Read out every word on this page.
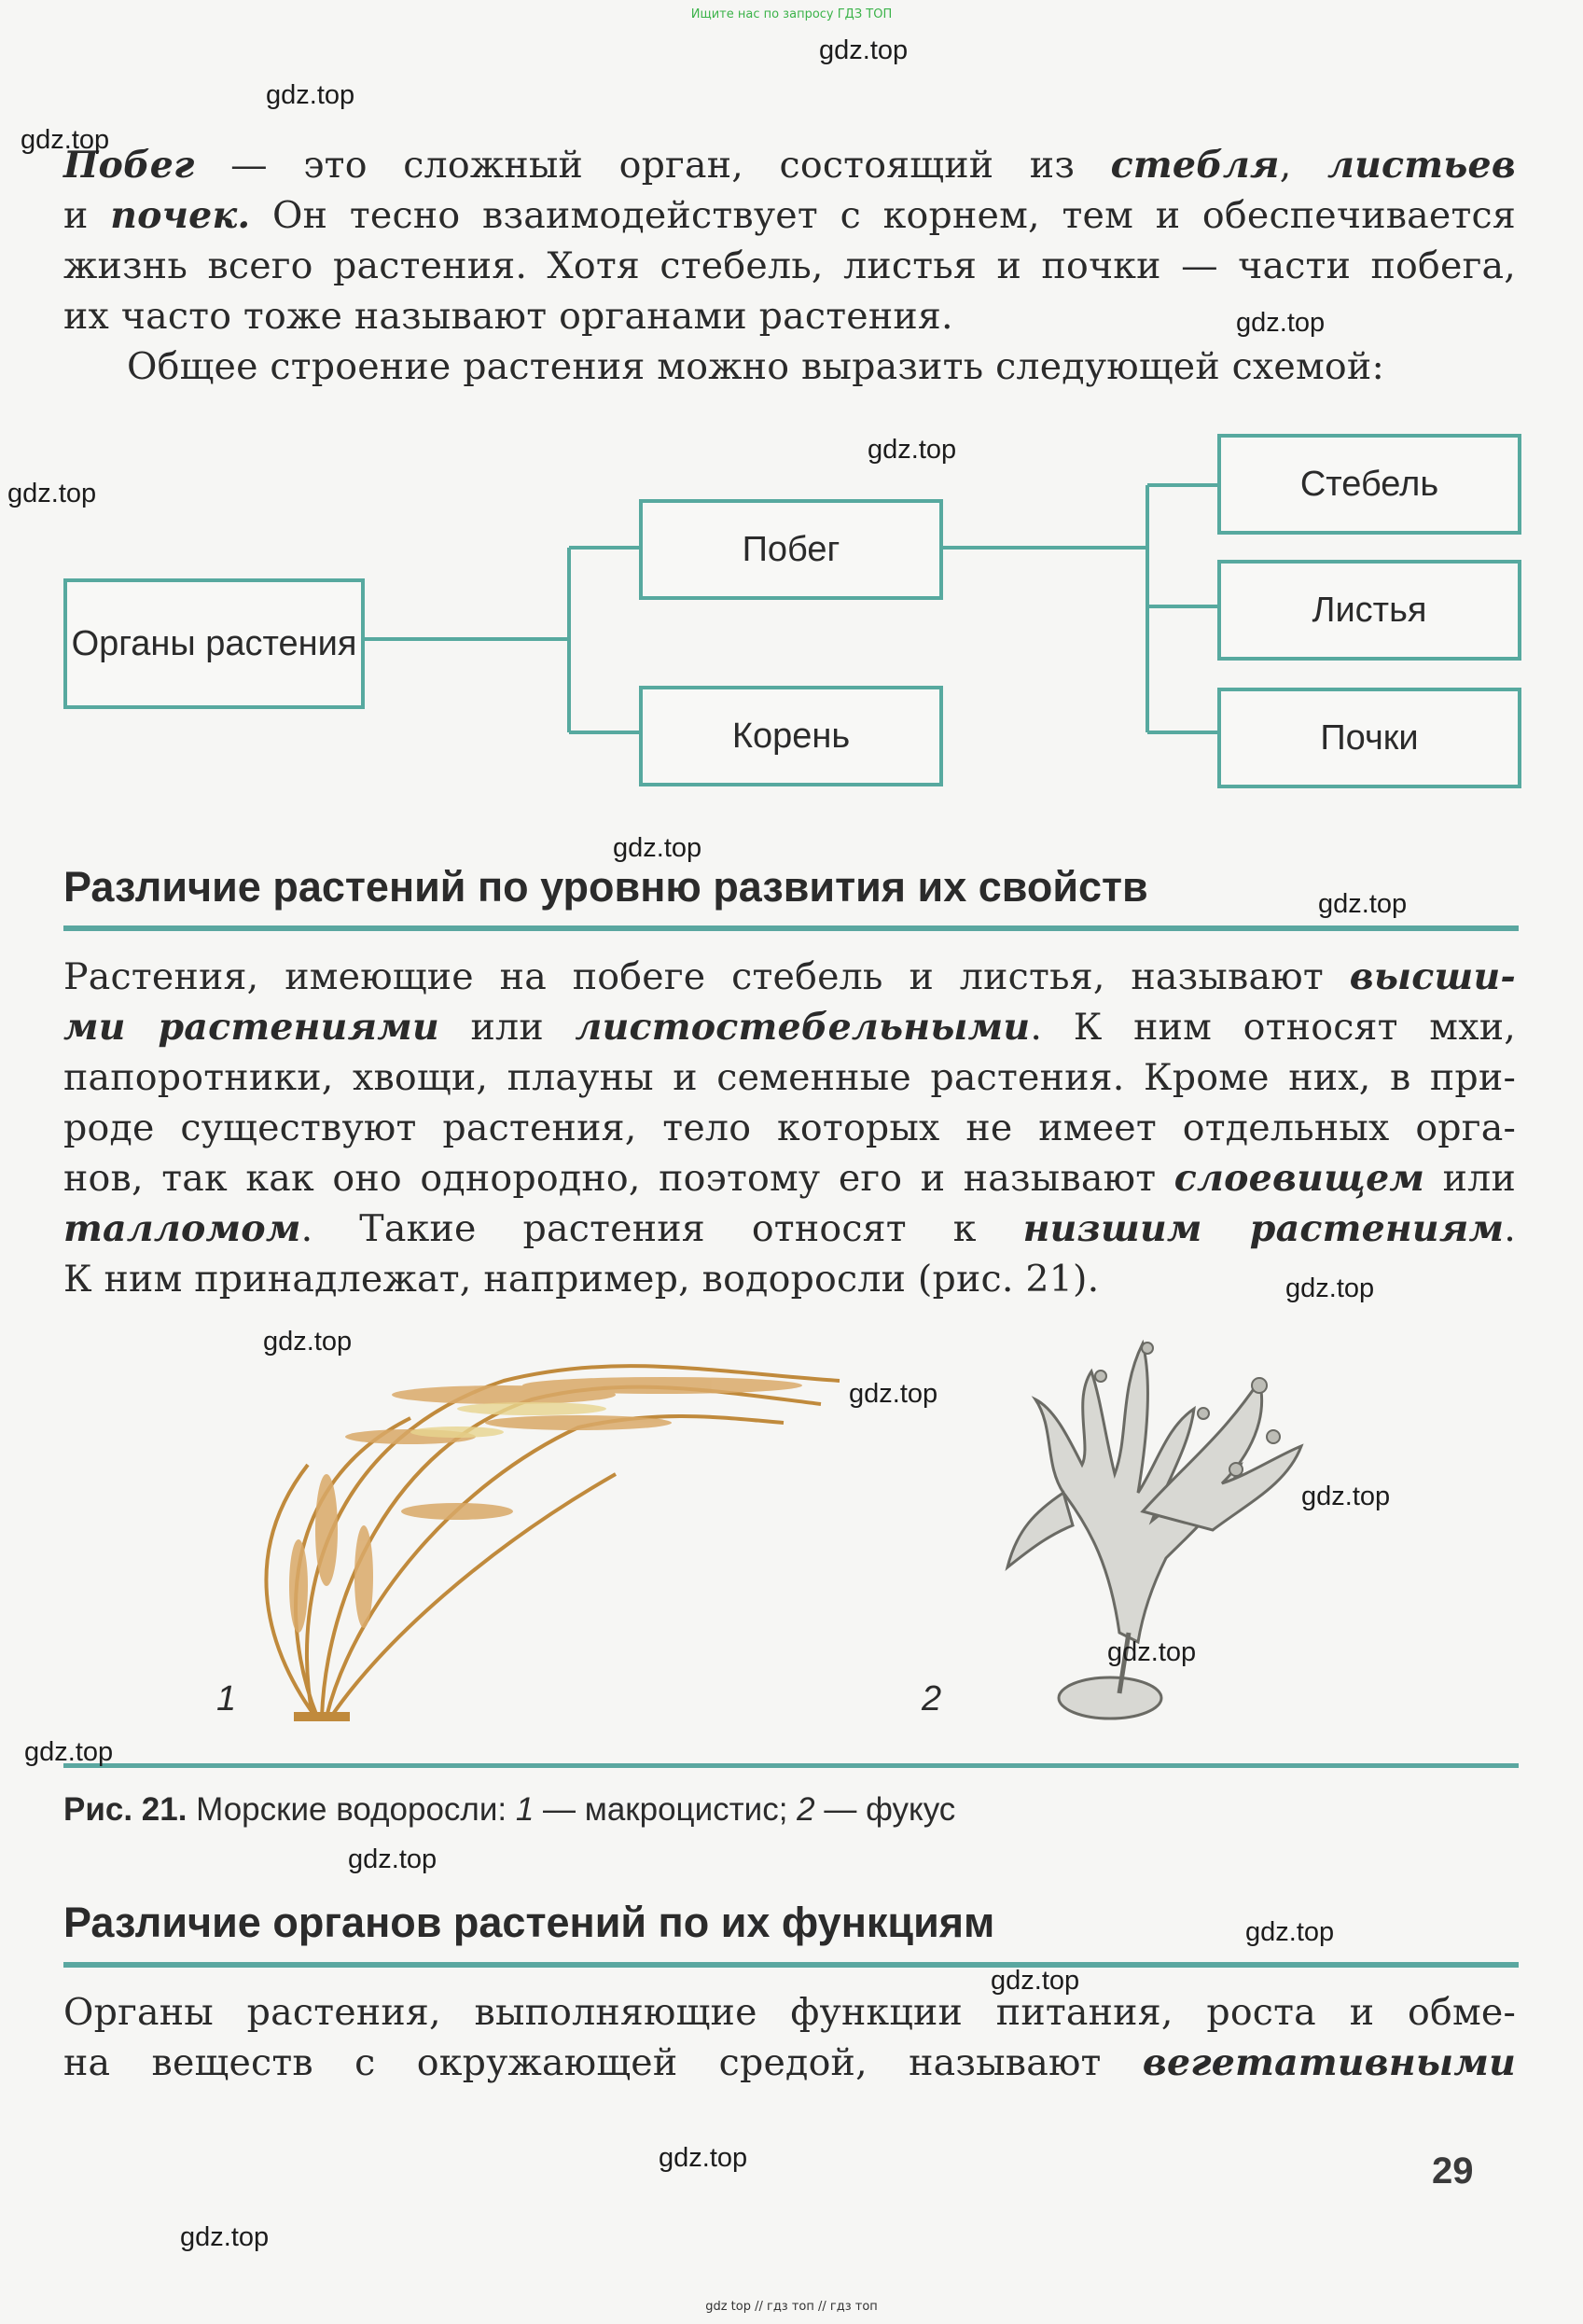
Ищите нас по запросу ГДЗ ТОП

Побег — это сложный орган, состоящий из стебля, листьев

и почек. Он тесно взаимодействует с корнем, тем и обеспечивается

жизнь всего растения. Хотя стебель, листья и почки — части побега,

их часто тоже называют органами растения.

Общее строение растения можно выразить следующей схемой:

Органы растения
Побег
Корень
Стебель
Листья
Почки
Различие растений по уровню развития их свойств

Растения, имеющие на побеге стебель и листья, называют высши-

ми растениями или листостебельными. К ним относят мхи,

папоротники, хвощи, плауны и семенные растения. Кроме них, в при-

роде существуют растения, тело которых не имеет отдельных орга-

нов, так как оно однородно, поэтому его и называют слоевищем или

талломом. Такие растения относят к низшим растениям.

К ним принадлежат, например, водоросли (рис. 21).

1	2
Рис. 21. Морские водоросли: 1 — макроцистис; 2 — фукус
Различие органов растений по их функциям

Органы растения, выполняющие функции питания, роста и обме-

на веществ с окружающей средой, называют вегетативными

29
gdz.top
gdz.top
gdz.top
gdz.top
gdz.top
gdz.top
gdz.top
gdz.top
gdz.top
gdz.top
gdz.top
gdz.top
gdz.top
gdz.top
gdz.top
gdz.top
gdz.top
gdz.top
gdz.top
gdz top // гдз топ // гдз топ
